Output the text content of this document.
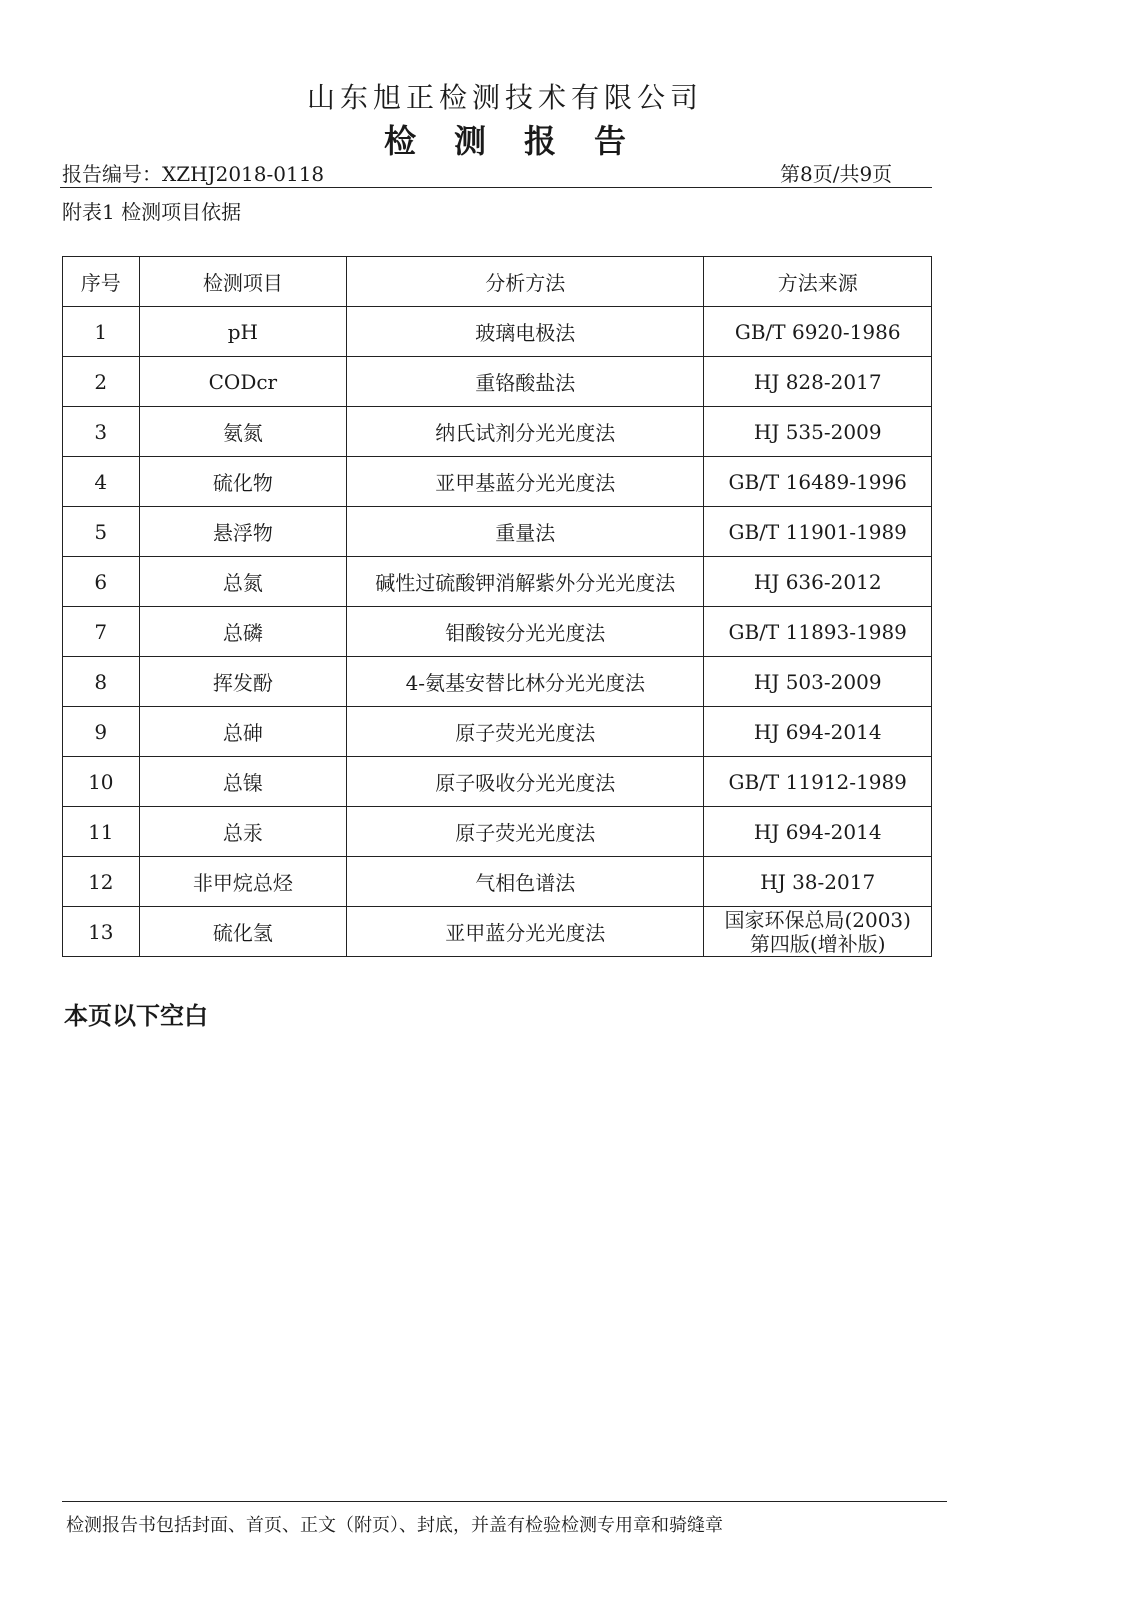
山东旭正检测技术有限公司
检测报告
报告编号：XZHJ2018-0118	第8页/共9页
附表1 检测项目依据
序号	检测项目	分析方法	方法来源
1	pH	玻璃电极法	GB/T 6920-1986
2	CODcr	重铬酸盐法	HJ 828-2017
3	氨氮	纳氏试剂分光光度法	HJ 535-2009
4	硫化物	亚甲基蓝分光光度法	GB/T 16489-1996
5	悬浮物	重量法	GB/T 11901-1989
6	总氮	碱性过硫酸钾消解紫外分光光度法	HJ 636-2012
7	总磷	钼酸铵分光光度法	GB/T 11893-1989
8	挥发酚	4-氨基安替比林分光光度法	HJ 503-2009
9	总砷	原子荧光光度法	HJ 694-2014
10	总镍	原子吸收分光光度法	GB/T 11912-1989
11	总汞	原子荧光光度法	HJ 694-2014
12	非甲烷总烃	气相色谱法	HJ 38-2017
13	硫化氢	亚甲蓝分光光度法	国家环保总局(2003)
第四版(增补版)
本页以下空白
检测报告书包括封面、首页、正文（附页）、封底，并盖有检验检测专用章和骑缝章
